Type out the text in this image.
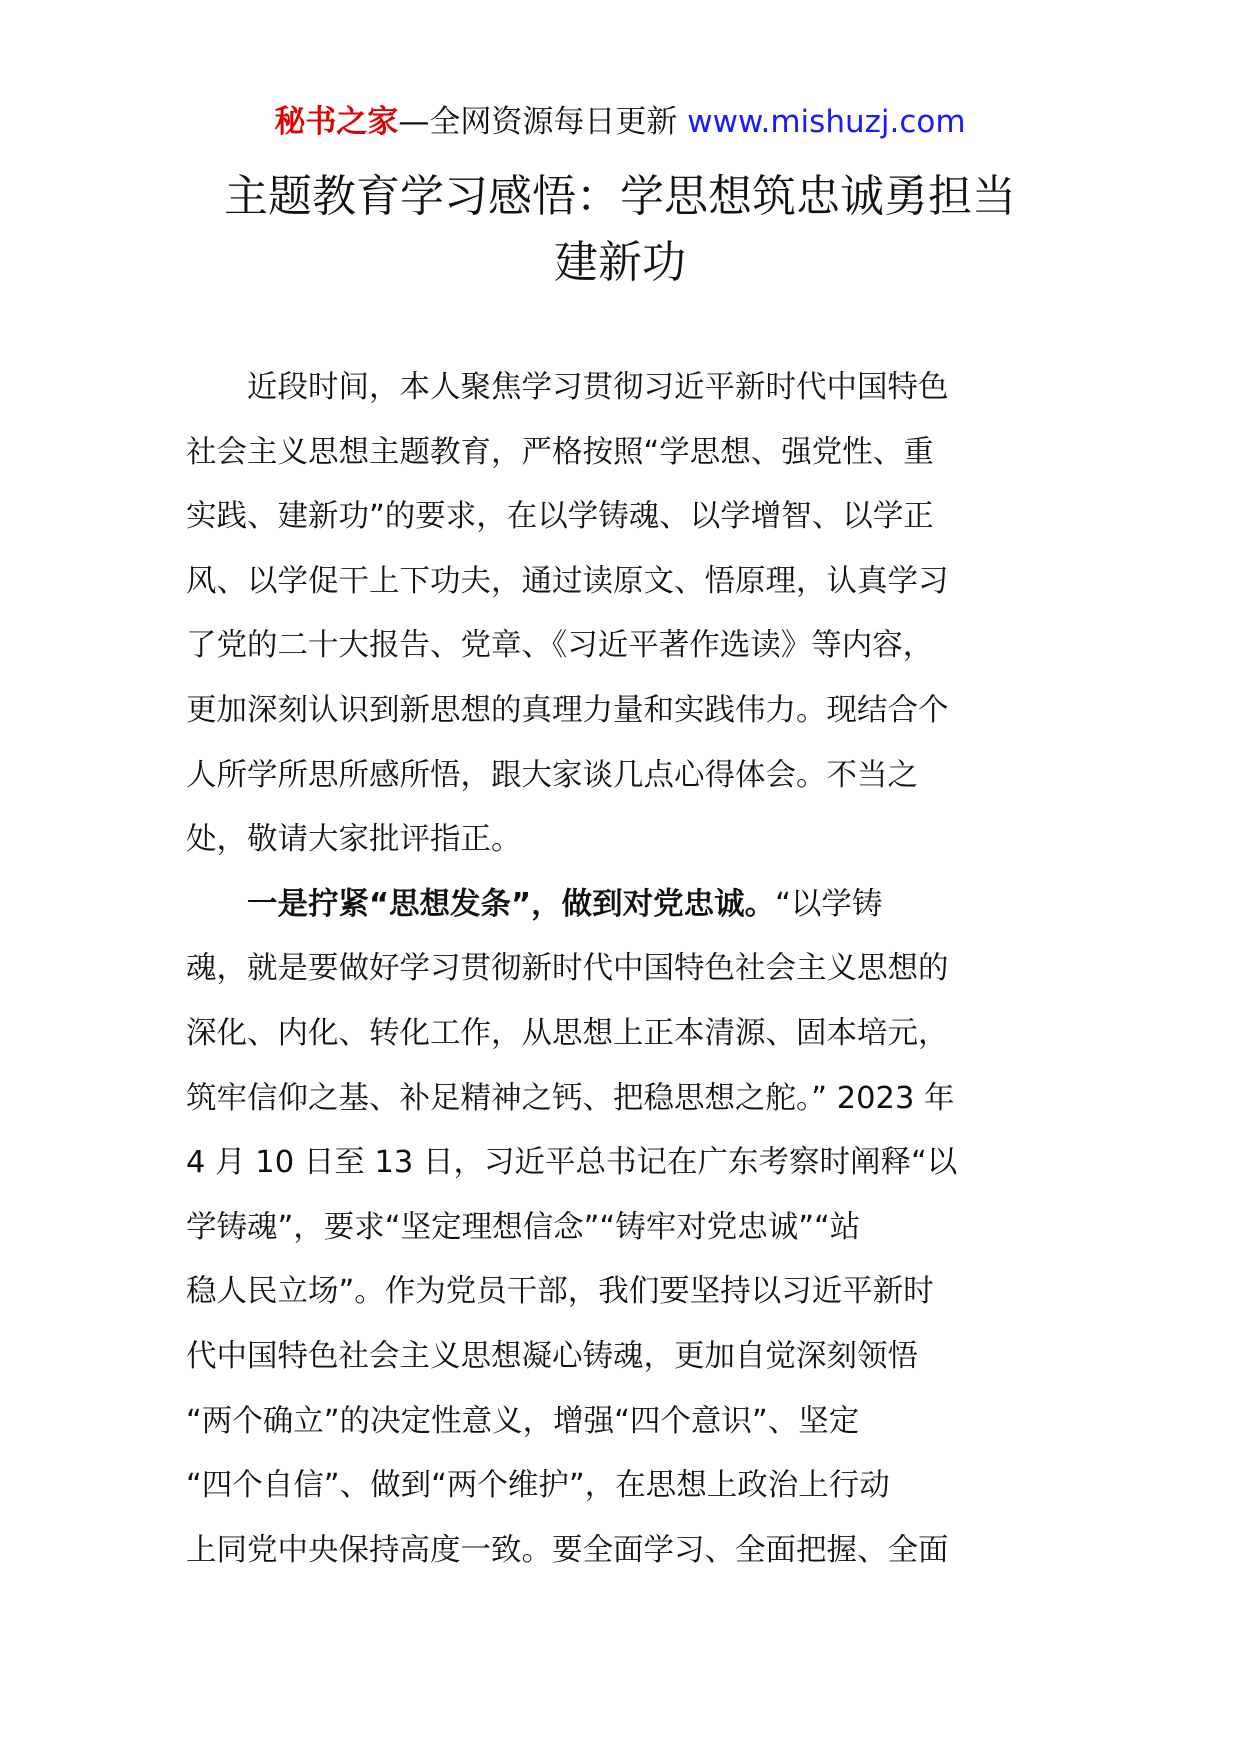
秘书之家—全网资源每日更新 www.mishuzj.com
主题教育学习感悟：学思想筑忠诚勇担当
建新功
　　近段时间，本人聚焦学习贯彻习近平新时代中国特色
社会主义思想主题教育，严格按照“学思想、强党性、重
实践、建新功”的要求，在以学铸魂、以学增智、以学正
风、以学促干上下功夫，通过读原文、悟原理，认真学习
了党的二十大报告、党章、《习近平著作选读》等内容，
更加深刻认识到新思想的真理力量和实践伟力。现结合个
人所学所思所感所悟，跟大家谈几点心得体会。不当之
处，敬请大家批评指正。
　　一是拧紧“思想发条”，做到对党忠诚。“以学铸
魂，就是要做好学习贯彻新时代中国特色社会主义思想的
深化、内化、转化工作，从思想上正本清源、固本培元，
筑牢信仰之基、补足精神之钙、把稳思想之舵。” 2023 年
4 月 10 日至 13 日，习近平总书记在广东考察时阐释“以
学铸魂”，要求“坚定理想信念”“铸牢对党忠诚”“站
稳人民立场”。作为党员干部，我们要坚持以习近平新时
代中国特色社会主义思想凝心铸魂，更加自觉深刻领悟
“两个确立”的决定性意义，增强“四个意识”、坚定
“四个自信”、做到“两个维护”，在思想上政治上行动
上同党中央保持高度一致。要全面学习、全面把握、全面
